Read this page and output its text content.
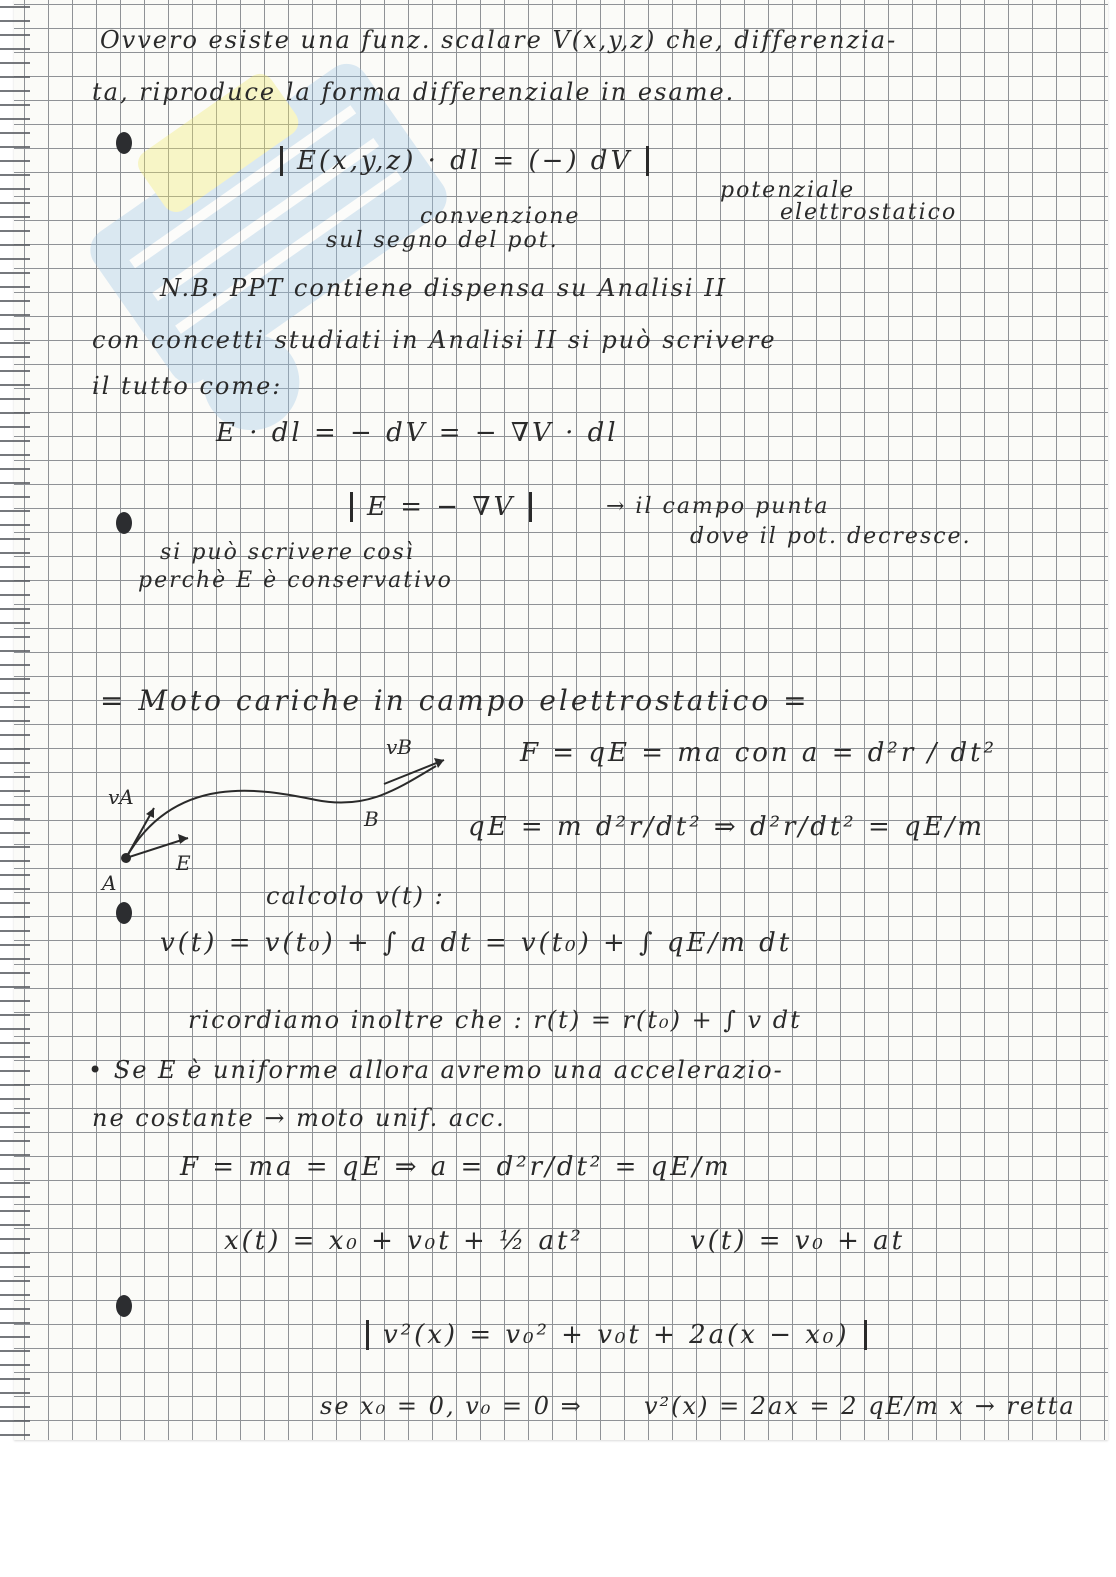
Ovvero esiste una funz. scalare V(x,y,z) che, differenzia-
ta, riproduce la forma differenziale in esame.
E(x,y,z) · dl = (−) dV
potenziale
elettrostatico
convenzione
sul segno del pot.
N.B. PPT contiene dispensa su Analisi II
con concetti studiati in Analisi II si può scrivere
il tutto come:
E · dl = − dV = − ∇V · dl
E = − ∇V	→ il campo punta
dove il pot. decresce.
si può scrivere così
perchè E è conservativo
= Moto cariche in campo elettrostatico =
F = qE = ma con a = d²r / dt²
qE = m d²r/dt² ⇒ d²r/dt² = qE/m
A
B
vA
vB
E
calcolo v(t) :
v(t) = v(t₀) + ∫ a dt = v(t₀) + ∫ qE/m dt
ricordiamo inoltre che : r(t) = r(t₀) + ∫ v dt
• Se E è uniforme allora avremo una accelerazio-
ne costante → moto unif. acc.
F = ma = qE ⇒ a = d²r/dt² = qE/m
x(t) = x₀ + v₀t + ½ at²	v(t) = v₀ + at
v²(x) = v₀² + v₀t + 2a(x − x₀)
se x₀ = 0, v₀ = 0 ⇒	v²(x) = 2ax = 2 qE/m x → retta
